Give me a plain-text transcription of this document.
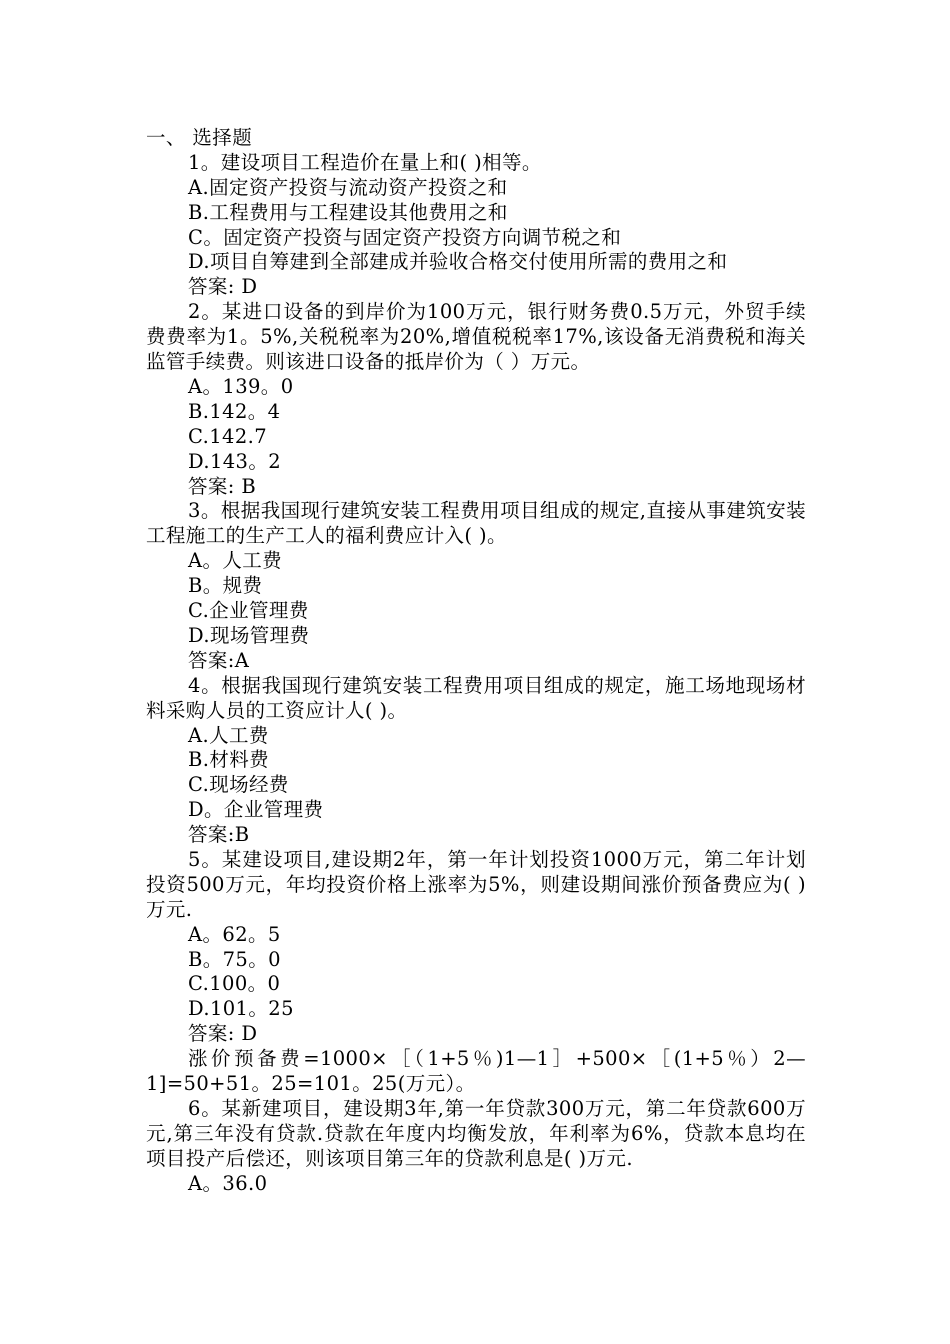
一、 选择题
1。建设项目工程造价在量上和( )相等。
A.固定资产投资与流动资产投资之和
B.工程费用与工程建设其他费用之和
C。固定资产投资与固定资产投资方向调节税之和
D.项目自筹建到全部建成并验收合格交付使用所需的费用之和
答案: D
2。某进口设备的到岸价为100万元，银行财务费0.5万元，外贸手续费费率为1。5%,关税税率为20%,增值税税率17%,该设备无消费税和海关监管手续费。则该进口设备的抵岸价为（ ）万元。
A。139。0
B.142。4
C.142.7
D.143。2
答案: B
3。根据我国现行建筑安装工程费用项目组成的规定,直接从事建筑安装工程施工的生产工人的福利费应计入( )。
A。人工费
B。规费
C.企业管理费
D.现场管理费
答案:A
4。根据我国现行建筑安装工程费用项目组成的规定，施工场地现场材料采购人员的工资应计人( )。
A.人工费
B.材料费
C.现场经费
D。企业管理费
答案:B
5。某建设项目,建设期2年，第一年计划投资1000万元，第二年计划投资500万元，年均投资价格上涨率为5%，则建设期间涨价预备费应为( )万元.
A。62。5
B。75。0
C.100。0
D.101。25
答案: D
涨价预备费=1000×［（1+5％)1—1］+500×［(1+5％）2—1]=50+51。25=101。25(万元）。
6。某新建项目，建设期3年,第一年贷款300万元，第二年贷款600万元,第三年没有贷款.贷款在年度内均衡发放，年利率为6%，贷款本息均在项目投产后偿还，则该项目第三年的贷款利息是( )万元.
A。36.0
